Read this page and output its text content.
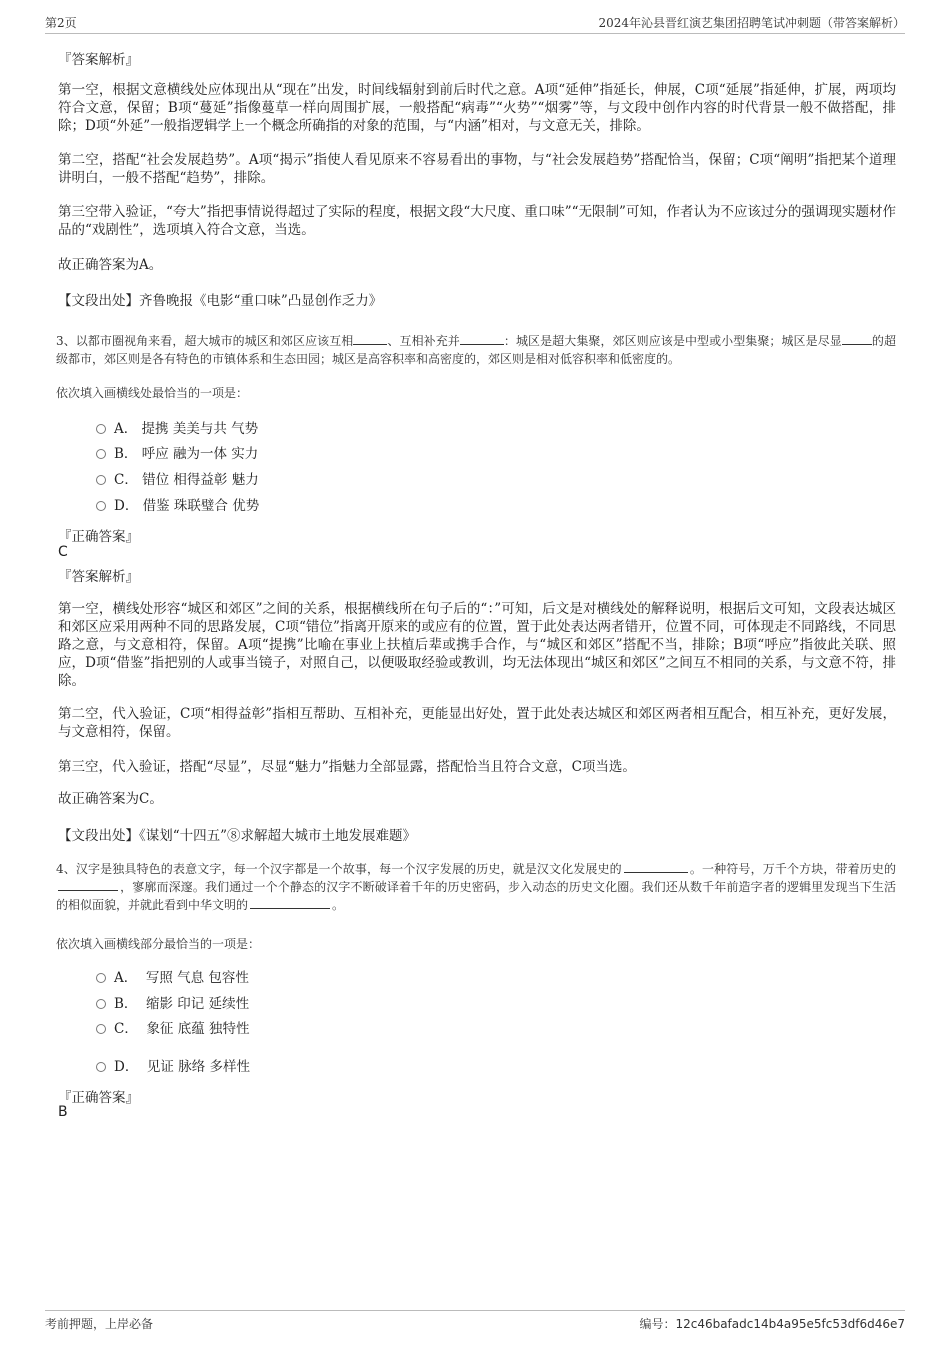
第2页	2024年沁县晋红演艺集团招聘笔试冲刺题（带答案解析）
『答案解析』
第一空，根据文意横线处应体现出从“现在”出发，时间线辐射到前后时代之意。A项“延伸”指延长，伸展，C项“延展”指延伸，扩展，两项均符合文意，保留；B项“蔓延”指像蔓草一样向周围扩展，一般搭配“病毒”“火势”“烟雾”等，与文段中创作内容的时代背景一般不做搭配，排除；D项“外延”一般指逻辑学上一个概念所确指的对象的范围，与“内涵”相对，与文意无关，排除。
第二空，搭配“社会发展趋势”。A项“揭示”指使人看见原来不容易看出的事物，与“社会发展趋势”搭配恰当，保留；C项“阐明”指把某个道理讲明白，一般不搭配“趋势”，排除。
第三空带入验证，“夸大”指把事情说得超过了实际的程度，根据文段“大尺度、重口味”“无限制”可知，作者认为不应该过分的强调现实题材作品的“戏剧性”，选项填入符合文意，当选。
故正确答案为A。
【文段出处】齐鲁晚报《电影“重口味”凸显创作乏力》
3、以都市圈视角来看，超大城市的城区和郊区应该互相	、互相补充并	：城区是超大集聚，郊区则应该是中型或小型集聚；城区是尽显	的超级都市，郊区则是各有特色的市镇体系和生态田园；城区是高容积率和高密度的，郊区则是相对低容积率和低密度的。
依次填入画横线处最恰当的一项是：
A． 提携 美美与共 气势
B． 呼应 融为一体 实力
C． 错位 相得益彰 魅力
D． 借鉴 珠联璧合 优势
『正确答案』
C
『答案解析』
第一空，横线处形容“城区和郊区”之间的关系，根据横线所在句子后的“：”可知，后文是对横线处的解释说明，根据后文可知，文段表达城区和郊区应采用两种不同的思路发展，C项“错位”指离开原来的或应有的位置，置于此处表达两者错开，位置不同，可体现走不同路线，不同思路之意，与文意相符，保留。A项“提携”比喻在事业上扶植后辈或携手合作，与“城区和郊区”搭配不当，排除；B项“呼应”指彼此关联、照应，D项“借鉴”指把别的人或事当镜子，对照自己，以便吸取经验或教训，均无法体现出“城区和郊区”之间互不相同的关系，与文意不符，排除。
第二空，代入验证，C项“相得益彰”指相互帮助、互相补充，更能显出好处，置于此处表达城区和郊区两者相互配合，相互补充，更好发展，与文意相符，保留。
第三空，代入验证，搭配“尽显”，尽显“魅力”指魅力全部显露，搭配恰当且符合文意，C项当选。
故正确答案为C。
【文段出处】《谋划“十四五”⑧求解超大城市土地发展难题》
4、汉字是独具特色的表意文字，每一个汉字都是一个故事，每一个汉字发展的历史，就是汉文化发展史的	。一种符号，万千个方块，带着历史的，寥廓而深邃。我们通过一个个静态的汉字不断破译着千年的历史密码，步入动态的历史文化圈。我们还从数千年前造字者的逻辑里发现当下生活的相似面貌，并就此看到中华文明的	。
依次填入画横线部分最恰当的一项是：
A． 写照 气息 包容性
B． 缩影 印记 延续性
C． 象征 底蕴 独特性
D． 见证 脉络 多样性
『正确答案』
B
考前押题，上岸必备	编号：12c46bafadc14b4a95e5fc53df6d46e7
